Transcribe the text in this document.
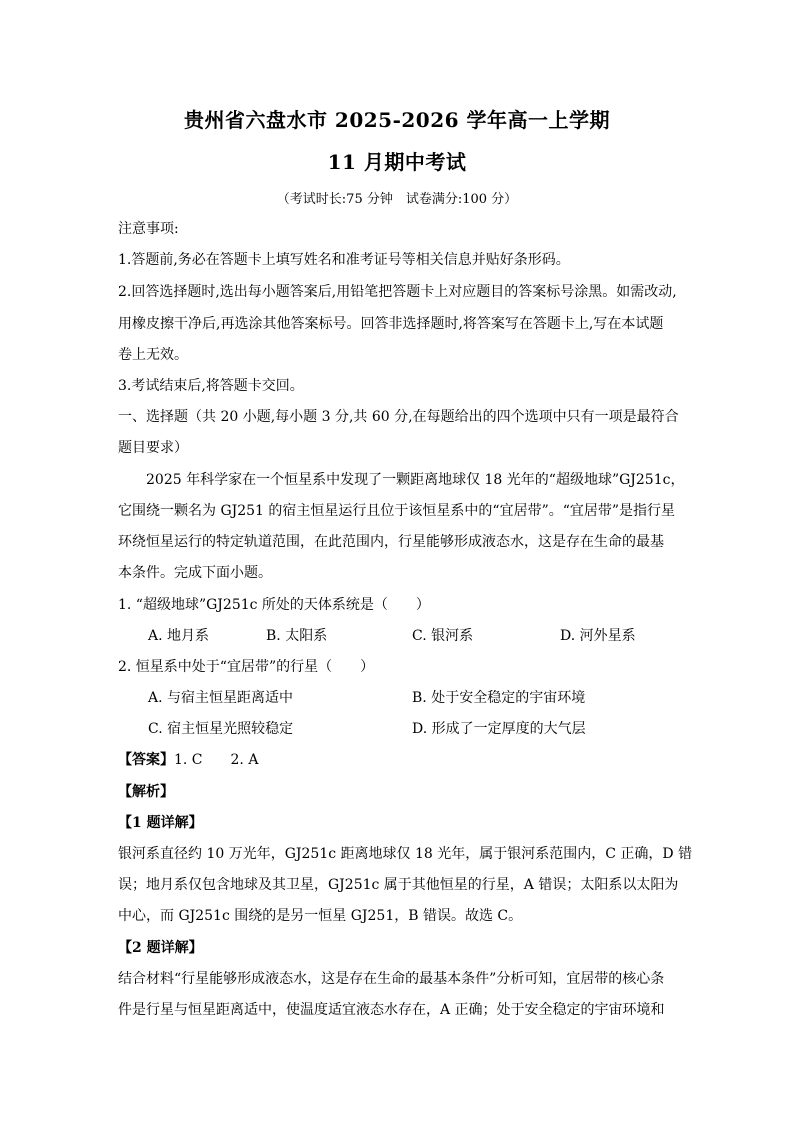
贵州省六盘水市 2025-2026 学年高一上学期
11 月期中考试
（考试时长:75 分钟　试卷满分:100 分）
注意事项:
1.答题前,务必在答题卡上填写姓名和准考证号等相关信息并贴好条形码。
2.回答选择题时,选出每小题答案后,用铅笔把答题卡上对应题目的答案标号涂黑。如需改动,
用橡皮擦干净后,再选涂其他答案标号。回答非选择题时,将答案写在答题卡上,写在本试题
卷上无效。
3.考试结束后,将答题卡交回。
一、选择题（共 20 小题,每小题 3 分,共 60 分,在每题给出的四个选项中只有一项是最符合
题目要求）
2025 年科学家在一个恒星系中发现了一颗距离地球仅 18 光年的“超级地球”GJ251c，
它围绕一颗名为 GJ251 的宿主恒星运行且位于该恒星系中的“宜居带”。“宜居带”是指行星
环绕恒星运行的特定轨道范围，在此范围内，行星能够形成液态水，这是存在生命的最基
本条件。完成下面小题。
1. “超级地球”GJ251c 所处的天体系统是（　　）
A. 地月系	B. 太阳系	C. 银河系	D. 河外星系
2. 恒星系中处于“宜居带”的行星（　　）
A. 与宿主恒星距离适中	B. 处于安全稳定的宇宙环境
C. 宿主恒星光照较稳定	D. 形成了一定厚度的大气层
【答案】1. C　　2. A
【解析】
【1 题详解】
银河系直径约 10 万光年，GJ251c 距离地球仅 18 光年，属于银河系范围内，C 正确，D 错
误；地月系仅包含地球及其卫星，GJ251c 属于其他恒星的行星，A 错误；太阳系以太阳为
中心，而 GJ251c 围绕的是另一恒星 GJ251，B 错误。故选 C。
【2 题详解】
结合材料“行星能够形成液态水，这是存在生命的最基本条件”分析可知，宜居带的核心条
件是行星与恒星距离适中，使温度适宜液态水存在，A 正确；处于安全稳定的宇宙环境和
